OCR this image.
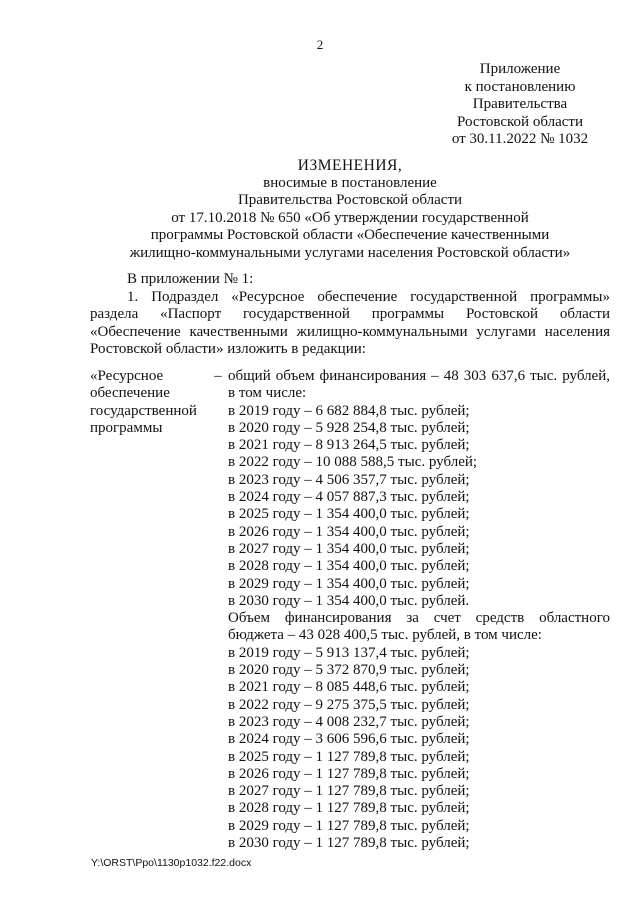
2
Приложение
к постановлению
Правительства
Ростовской области
от 30.11.2022 № 1032
ИЗМЕНЕНИЯ,
вносимые в постановление
Правительства Ростовской области
от 17.10.2018 № 650 «Об утверждении государственной
программы Ростовской области «Обеспечение качественными
жилищно-коммунальными услугами населения Ростовской области»
В приложении № 1:
1. Подраздел «Ресурсное обеспечение государственной программы»
раздела «Паспорт государственной программы Ростовской области
«Обеспечение качественными жилищно-коммунальными услугами населения
Ростовской области» изложить в редакции:
«Ресурсное
обеспечение
государственной
программы
– общий объем финансирования – 48 303 637,6 тыс. рублей,
в том числе:
в 2019 году – 6 682 884,8 тыс. рублей;
в 2020 году – 5 928 254,8 тыс. рублей;
в 2021 году – 8 913 264,5 тыс. рублей;
в 2022 году – 10 088 588,5 тыс. рублей;
в 2023 году – 4 506 357,7 тыс. рублей;
в 2024 году – 4 057 887,3 тыс. рублей;
в 2025 году – 1 354 400,0 тыс. рублей;
в 2026 году – 1 354 400,0 тыс. рублей;
в 2027 году – 1 354 400,0 тыс. рублей;
в 2028 году – 1 354 400,0 тыс. рублей;
в 2029 году – 1 354 400,0 тыс. рублей;
в 2030 году – 1 354 400,0 тыс. рублей.
Объем финансирования за счет средств областного
бюджета – 43 028 400,5 тыс. рублей, в том числе:
в 2019 году – 5 913 137,4 тыс. рублей;
в 2020 году – 5 372 870,9 тыс. рублей;
в 2021 году – 8 085 448,6 тыс. рублей;
в 2022 году – 9 275 375,5 тыс. рублей;
в 2023 году – 4 008 232,7 тыс. рублей;
в 2024 году – 3 606 596,6 тыс. рублей;
в 2025 году – 1 127 789,8 тыс. рублей;
в 2026 году – 1 127 789,8 тыс. рублей;
в 2027 году – 1 127 789,8 тыс. рублей;
в 2028 году – 1 127 789,8 тыс. рублей;
в 2029 году – 1 127 789,8 тыс. рублей;
в 2030 году – 1 127 789,8 тыс. рублей;
Y:\ORST\Ppo\1130p1032.f22.docx
